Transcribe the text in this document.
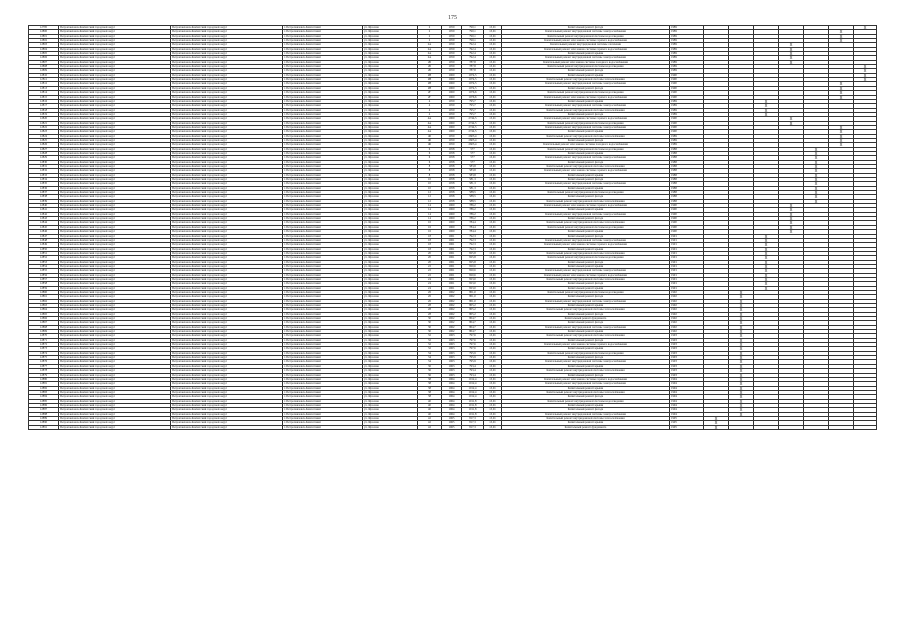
175
12785	Петропавловск-Камчатский городской округ	Петропавловск-Камчатский городской округ	г. Петропавловск-Камчатский	ул. Фролова	2	1959	790,1	13,01	Капитальный ремонт фасада	1989							X
12800	Петропавловск-Камчатский городской округ	Петропавловск-Камчатский городской округ	г. Петропавловск-Камчатский	ул. Фролова	2	1959	790,1	13,01	Капитальный ремонт внутридомовой системы электроснабжения	1989						X	
12801	Петропавловск-Камчатский городской округ	Петропавловск-Камчатский городской округ	г. Петропавловск-Камчатский	ул. Фролова	2	1959	790,1	13,01	Капитальный ремонт внутридомовой системы водоотведения	1989						X	
12802	Петропавловск-Камчатский городской округ	Петропавловск-Камчатский городской округ	г. Петропавловск-Камчатский	ул. Фролова	2	1959	790,1	13,01	Капитальный ремонт или замена системы горячего водоснабжения	1989						X	
12803	Петропавловск-Камчатский городской округ	Петропавловск-Камчатский городской округ	г. Петропавловск-Камчатский	ул. Фролова	2А	1959	792,4	13,01	Капитальный ремонт внутридомовой системы отопления	1989				X			
12804	Петропавловск-Камчатский городской округ	Петропавловск-Камчатский городской округ	г. Петропавловск-Камчатский	ул. Фролова	2А	1959	792,4	13,01	Капитальный ремонт или замена системы горячего водоснабжения	1989				X			
12805	Петропавловск-Камчатский городской округ	Петропавловск-Камчатский городской округ	г. Петропавловск-Камчатский	ул. Фролова	2А	1959	792,4	13,01	Капитальный ремонт крыши	1989				X			
12806	Петропавловск-Камчатский городской округ	Петропавловск-Камчатский городской округ	г. Петропавловск-Камчатский	ул. Фролова	2А	1959	792,4	13,01	Капитальный ремонт внутридомовой системы электроснабжения	1989				X			
12807	Петропавловск-Камчатский городской округ	Петропавловск-Камчатский городской округ	г. Петропавловск-Камчатский	ул. Фролова	2Б	1959	787,8	13,01	Капитальный ремонт или замена системы холодного водоснабжения	1989				X			
12808	Петропавловск-Камчатский городской округ	Петропавловск-Камчатский городской округ	г. Петропавловск-Камчатский	ул. Фролова	2Б	1959	787,8	13,01	Капитальный ремонт внутридомовой системы водоотведения	1989							X
12809	Петропавловск-Камчатский городской округ	Петропавловск-Камчатский городской округ	г. Петропавловск-Камчатский	ул. Фролова	2Б	1959	787,8	13,01	Капитальный ремонт фасада	1989							X
12810	Петропавловск-Камчатский городской округ	Петропавловск-Камчатский городской округ	г. Петропавловск-Камчатский	ул. Фролова	2В	1960	1074,5	13,01	Капитальный ремонт крыши	1990							X
12811	Петропавловск-Камчатский городской округ	Петропавловск-Камчатский городской округ	г. Петропавловск-Камчатский	ул. Фролова	2В	1960	1074,5	13,01	Капитальный ремонт внутридомовой системы теплоснабжения	1990							X
12812	Петропавловск-Камчатский городской округ	Петропавловск-Камчатский городской округ	г. Петропавловск-Камчатский	ул. Фролова	2В	1960	1074,5	13,01	Капитальный ремонт внутридомовой системы электроснабжения	1990						X	
12813	Петропавловск-Камчатский городской округ	Петропавловск-Камчатский городской округ	г. Петропавловск-Камчатский	ул. Фролова	2В	1960	1074,5	13,01	Капитальный ремонт фасада	1990						X	
12814	Петропавловск-Камчатский городской округ	Петропавловск-Камчатский городской округ	г. Петропавловск-Камчатский	ул. Фролова	2Г	1960	1076,6	13,01	Капитальный ремонт внутридомовой системы водоотведения	1990						X	
12815	Петропавловск-Камчатский городской округ	Петропавловск-Камчатский городской округ	г. Петропавловск-Камчатский	ул. Фролова	2Г	1960	1076,6	13,01	Капитальный ремонт или замена системы горячего водоснабжения	1990						X	
12816	Петропавловск-Камчатский городской округ	Петропавловск-Камчатский городской округ	г. Петропавловск-Камчатский	ул. Фролова	4	1959	795,7	13,01	Капитальный ремонт крыши	1989			X				
12817	Петропавловск-Камчатский городской округ	Петропавловск-Камчатский городской округ	г. Петропавловск-Камчатский	ул. Фролова	4	1959	795,7	13,01	Капитальный ремонт внутридомовой системы электроснабжения	1989			X				
12818	Петропавловск-Камчатский городской округ	Петропавловск-Камчатский городской округ	г. Петропавловск-Камчатский	ул. Фролова	4	1959	795,7	13,01	Капитальный ремонт внутридомовой системы теплоснабжения	1989			X				
12819	Петропавловск-Камчатский городской округ	Петропавловск-Камчатский городской округ	г. Петропавловск-Камчатский	ул. Фролова	4	1959	795,7	13,01	Капитальный ремонт фасада	1989			X				
12820	Петропавловск-Камчатский городской округ	Петропавловск-Камчатский городской округ	г. Петропавловск-Камчатский	ул. Фролова	4А	1960	2744,5	13,01	Капитальный ремонт или замена системы горячего водоснабжения	1990				X			
12821	Петропавловск-Камчатский городской округ	Петропавловск-Камчатский городской округ	г. Петропавловск-Камчатский	ул. Фролова	4А	1960	2744,5	13,01	Капитальный ремонт внутридомовой системы водоотведения	1990				X			
12822	Петропавловск-Камчатский городской округ	Петропавловск-Камчатский городской округ	г. Петропавловск-Камчатский	ул. Фролова	4А	1960	2744,5	13,01	Капитальный ремонт внутридомовой системы электроснабжения	1990						X	
12823	Петропавловск-Камчатский городской округ	Петропавловск-Камчатский городской округ	г. Петропавловск-Камчатский	ул. Фролова	4А	1960	2744,5	13,01	Капитальный ремонт крыши	1990						X	
12824	Петропавловск-Камчатский городской округ	Петропавловск-Камчатский городской округ	г. Петропавловск-Камчатский	ул. Фролова	4Б	1959	2603,4	13,01	Капитальный ремонт внутридомовой системы теплоснабжения	1989						X	
12825	Петропавловск-Камчатский городской округ	Петропавловск-Камчатский городской округ	г. Петропавловск-Камчатский	ул. Фролова	4Б	1959	2603,4	13,01	Капитальный ремонт фасада	1989						X	
12826	Петропавловск-Камчатский городской округ	Петропавловск-Камчатский городской округ	г. Петропавловск-Камчатский	ул. Фролова	4Б	1959	2603,4	13,01	Капитальный ремонт или замена системы холодного водоснабжения	1989						X	
12827	Петропавловск-Камчатский городской округ	Петропавловск-Камчатский городской округ	г. Петропавловск-Камчатский	ул. Фролова	6	1958	577	13,01	Капитальный ремонт внутридомовой системы водоотведения	1988					X		
12828	Петропавловск-Камчатский городской округ	Петропавловск-Камчатский городской округ	г. Петропавловск-Камчатский	ул. Фролова	6	1958	577	13,01	Капитальный ремонт крыши	1988					X		
12829	Петропавловск-Камчатский городской округ	Петропавловск-Камчатский городской округ	г. Петропавловск-Камчатский	ул. Фролова	6	1958	577	13,01	Капитальный ремонт внутридомовой системы электроснабжения	1988					X		
12830	Петропавловск-Камчатский городской округ	Петропавловск-Камчатский городской округ	г. Петропавловск-Камчатский	ул. Фролова	6	1958	577	13,01	Капитальный ремонт фасада	1988					X		
12831	Петропавловск-Камчатский городской округ	Петропавловск-Камчатский городской округ	г. Петропавловск-Камчатский	ул. Фролова	8	1958	583,8	13,01	Капитальный ремонт внутридомовой системы теплоснабжения	1988					X		
12832	Петропавловск-Камчатский городской округ	Петропавловск-Камчатский городской округ	г. Петропавловск-Камчатский	ул. Фролова	8	1958	583,8	13,01	Капитальный ремонт или замена системы горячего водоснабжения	1988					X		
12833	Петропавловск-Камчатский городской округ	Петропавловск-Камчатский городской округ	г. Петропавловск-Камчатский	ул. Фролова	8	1958	583,8	13,01	Капитальный ремонт крыши	1988					X		
12834	Петропавловск-Камчатский городской округ	Петропавловск-Камчатский городской округ	г. Петропавловск-Камчатский	ул. Фролова	10	1958	581,3	13,01	Капитальный ремонт фасада	1988					X		
12835	Петропавловск-Камчатский городской округ	Петропавловск-Камчатский городской округ	г. Петропавловск-Камчатский	ул. Фролова	10	1958	581,3	13,01	Капитальный ремонт внутридомовой системы электроснабжения	1988					X		
12836	Петропавловск-Камчатский городской округ	Петропавловск-Камчатский городской округ	г. Петропавловск-Камчатский	ул. Фролова	10	1958	581,3	13,01	Капитальный ремонт крыши	1988					X		
12837	Петропавловск-Камчатский городской округ	Петропавловск-Камчатский городской округ	г. Петропавловск-Камчатский	ул. Фролова	12	1958	588,5	13,01	Капитальный ремонт внутридомовой системы водоотведения	1988					X		
12838	Петропавловск-Камчатский городской округ	Петропавловск-Камчатский городской округ	г. Петропавловск-Камчатский	ул. Фролова	12	1958	588,5	13,01	Капитальный ремонт фасада	1988					X		
12839	Петропавловск-Камчатский городской округ	Петропавловск-Камчатский городской округ	г. Петропавловск-Камчатский	ул. Фролова	12	1958	588,5	13,01	Капитальный ремонт внутридомовой системы теплоснабжения	1988					X		
12840	Петропавловск-Камчатский городской округ	Петропавловск-Камчатский городской округ	г. Петропавловск-Камчатский	ул. Фролова	14	1960	786,2	13,01	Капитальный ремонт или замена системы горячего водоснабжения	1990				X			
12841	Петропавловск-Камчатский городской округ	Петропавловск-Камчатский городской округ	г. Петропавловск-Камчатский	ул. Фролова	14	1960	786,2	13,01	Капитальный ремонт крыши	1990				X			
12842	Петропавловск-Камчатский городской округ	Петропавловск-Камчатский городской округ	г. Петропавловск-Камчатский	ул. Фролова	14	1960	786,2	13,01	Капитальный ремонт внутридомовой системы электроснабжения	1990				X			
12843	Петропавловск-Камчатский городской округ	Петропавловск-Камчатский городской округ	г. Петропавловск-Камчатский	ул. Фролова	14	1960	786,2	13,01	Капитальный ремонт фасада	1990				X			
12844	Петропавловск-Камчатский городской округ	Петропавловск-Камчатский городской округ	г. Петропавловск-Камчатский	ул. Фролова	16	1960	784,4	13,01	Капитальный ремонт внутридомовой системы теплоснабжения	1990				X			
12845	Петропавловск-Камчатский городской округ	Петропавловск-Камчатский городской округ	г. Петропавловск-Камчатский	ул. Фролова	16	1960	784,4	13,01	Капитальный ремонт внутридомовой системы водоотведения	1990				X			
12846	Петропавловск-Камчатский городской округ	Петропавловск-Камчатский городской округ	г. Петропавловск-Камчатский	ул. Фролова	16	1960	784,4	13,01	Капитальный ремонт крыши	1990				X			
12847	Петропавловск-Камчатский городской округ	Петропавловск-Камчатский городской округ	г. Петропавловск-Камчатский	ул. Фролова	18	1961	792,3	13,01	Капитальный ремонт фасада	1991			X				
12848	Петропавловск-Камчатский городской округ	Петропавловск-Камчатский городской округ	г. Петропавловск-Камчатский	ул. Фролова	18	1961	792,3	13,01	Капитальный ремонт внутридомовой системы электроснабжения	1991			X				
12849	Петропавловск-Камчатский городской округ	Петропавловск-Камчатский городской округ	г. Петропавловск-Камчатский	ул. Фролова	18	1961	792,3	13,01	Капитальный ремонт или замена системы горячего водоснабжения	1991			X				
12850	Петропавловск-Камчатский городской округ	Петропавловск-Камчатский городской округ	г. Петропавловск-Камчатский	ул. Фролова	18	1961	792,3	13,01	Капитальный ремонт крыши	1991			X				
12851	Петропавловск-Камчатский городской округ	Петропавловск-Камчатский городской округ	г. Петропавловск-Камчатский	ул. Фролова	20	1961	825,8	13,01	Капитальный ремонт внутридомовой системы теплоснабжения	1991			X				
12852	Петропавловск-Камчатский городской округ	Петропавловск-Камчатский городской округ	г. Петропавловск-Камчатский	ул. Фролова	20	1961	825,8	13,01	Капитальный ремонт внутридомовой системы водоотведения	1991			X				
12853	Петропавловск-Камчатский городской округ	Петропавловск-Камчатский городской округ	г. Петропавловск-Камчатский	ул. Фролова	20	1961	825,8	13,01	Капитальный ремонт фасада	1991			X				
12854	Петропавловск-Камчатский городской округ	Петропавловск-Камчатский городской округ	г. Петропавловск-Камчатский	ул. Фролова	22	1961	820,6	13,01	Капитальный ремонт крыши	1991			X				
12855	Петропавловск-Камчатский городской округ	Петропавловск-Камчатский городской округ	г. Петропавловск-Камчатский	ул. Фролова	22	1961	820,6	13,01	Капитальный ремонт внутридомовой системы электроснабжения	1991			X				
12856	Петропавловск-Камчатский городской округ	Петропавловск-Камчатский городской округ	г. Петропавловск-Камчатский	ул. Фролова	22	1961	820,6	13,01	Капитальный ремонт или замена системы горячего водоснабжения	1991			X				
12857	Петропавловск-Камчатский городской округ	Петропавловск-Камчатский городской округ	г. Петропавловск-Камчатский	ул. Фролова	24	1961	823,0	13,01	Капитальный ремонт внутридомовой системы теплоснабжения	1991			X				
12858	Петропавловск-Камчатский городской округ	Петропавловск-Камчатский городской округ	г. Петропавловск-Камчатский	ул. Фролова	24	1961	823,0	13,01	Капитальный ремонт фасада	1991			X				
12859	Петропавловск-Камчатский городской округ	Петропавловск-Камчатский городской округ	г. Петропавловск-Камчатский	ул. Фролова	24	1961	823,0	13,01	Капитальный ремонт крыши	1991			X				
12860	Петропавловск-Камчатский городской округ	Петропавловск-Камчатский городской округ	г. Петропавловск-Камчатский	ул. Фролова	26	1962	801,0	13,01	Капитальный ремонт внутридомовой системы водоотведения	1992		X					
12861	Петропавловск-Камчатский городской округ	Петропавловск-Камчатский городской округ	г. Петропавловск-Камчатский	ул. Фролова	26	1962	801,0	13,01	Капитальный ремонт фасада	1992		X					
12862	Петропавловск-Камчатский городской округ	Петропавловск-Камчатский городской округ	г. Петропавловск-Камчатский	ул. Фролова	26	1962	801,0	13,01	Капитальный ремонт внутридомовой системы электроснабжения	1992		X					
12863	Петропавловск-Камчатский городской округ	Петропавловск-Камчатский городской округ	г. Петропавловск-Камчатский	ул. Фролова	28	1962	805,2	13,01	Капитальный ремонт крыши	1992		X					
12864	Петропавловск-Камчатский городской округ	Петропавловск-Камчатский городской округ	г. Петропавловск-Камчатский	ул. Фролова	28	1962	805,2	13,01	Капитальный ремонт внутридомовой системы теплоснабжения	1992		X					
12865	Петропавловск-Камчатский городской округ	Петропавловск-Камчатский городской округ	г. Петропавловск-Камчатский	ул. Фролова	28	1962	805,2	13,01	Капитальный ремонт фасада	1992		X					
12866	Петропавловск-Камчатский городской округ	Петропавловск-Камчатский городской округ	г. Петропавловск-Камчатский	ул. Фролова	30	1962	804,7	13,01	Капитальный ремонт фундамента	1992		X					
12867	Петропавловск-Камчатский городской округ	Петропавловск-Камчатский городской округ	г. Петропавловск-Камчатский	ул. Фролова	30	1962	804,7	13,01	Капитальный ремонт фасада	1992		X					
12868	Петропавловск-Камчатский городской округ	Петропавловск-Камчатский городской округ	г. Петропавловск-Камчатский	ул. Фролова	30	1962	804,7	13,01	Капитальный ремонт внутридомовой системы электроснабжения	1992		X					
12869	Петропавловск-Камчатский городской округ	Петропавловск-Камчатский городской округ	г. Петропавловск-Камчатский	ул. Фролова	30	1962	804,7	13,01	Капитальный ремонт крыши	1992		X					
12870	Петропавловск-Камчатский городской округ	Петропавловск-Камчатский городской округ	г. Петропавловск-Камчатский	ул. Фролова	32	1963	797,6	13,01	Капитальный ремонт внутридомовой системы теплоснабжения	1993		X					
12871	Петропавловск-Камчатский городской округ	Петропавловск-Камчатский городской округ	г. Петропавловск-Камчатский	ул. Фролова	32	1963	797,6	13,01	Капитальный ремонт фасада	1993		X					
12872	Петропавловск-Камчатский городской округ	Петропавловск-Камчатский городской округ	г. Петропавловск-Камчатский	ул. Фролова	32	1963	797,6	13,01	Капитальный ремонт или замена системы горячего водоснабжения	1993		X					
12873	Петропавловск-Камчатский городской округ	Петропавловск-Камчатский городской округ	г. Петропавловск-Камчатский	ул. Фролова	32	1963	797,6	13,01	Капитальный ремонт крыши	1993		X					
12874	Петропавловск-Камчатский городской округ	Петропавловск-Камчатский городской округ	г. Петропавловск-Камчатский	ул. Фролова	34	1963	795,9	13,01	Капитальный ремонт внутридомовой системы водоотведения	1993		X					
12875	Петропавловск-Камчатский городской округ	Петропавловск-Камчатский городской округ	г. Петропавловск-Камчатский	ул. Фролова	34	1963	795,9	13,01	Капитальный ремонт фасада	1993		X					
12876	Петропавловск-Камчатский городской округ	Петропавловск-Камчатский городской округ	г. Петропавловск-Камчатский	ул. Фролова	34	1963	795,9	13,01	Капитальный ремонт внутридомовой системы электроснабжения	1993		X					
12877	Петропавловск-Камчатский городской округ	Петропавловск-Камчатский городской округ	г. Петропавловск-Камчатский	ул. Фролова	36	1963	793,4	13,01	Капитальный ремонт крыши	1993		X					
12878	Петропавловск-Камчатский городской округ	Петропавловск-Камчатский городской округ	г. Петропавловск-Камчатский	ул. Фролова	36	1963	793,4	13,01	Капитальный ремонт внутридомовой системы теплоснабжения	1993		X					
12879	Петропавловск-Камчатский городской округ	Петропавловск-Камчатский городской округ	г. Петропавловск-Камчатский	ул. Фролова	36	1963	793,4	13,01	Капитальный ремонт фасада	1993		X					
12880	Петропавловск-Камчатский городской округ	Петропавловск-Камчатский городской округ	г. Петропавловск-Камчатский	ул. Фролова	38	1964	1012,4	13,01	Капитальный ремонт или замена системы горячего водоснабжения	1994		X					
12881	Петропавловск-Камчатский городской округ	Петропавловск-Камчатский городской округ	г. Петропавловск-Камчатский	ул. Фролова	38	1964	1012,4	13,01	Капитальный ремонт внутридомовой системы электроснабжения	1994		X					
12882	Петропавловск-Камчатский городской округ	Петропавловск-Камчатский городской округ	г. Петропавловск-Камчатский	ул. Фролова	38	1964	1012,4	13,01	Капитальный ремонт крыши	1994		X					
12883	Петропавловск-Камчатский городской округ	Петропавловск-Камчатский городской округ	г. Петропавловск-Камчатский	ул. Фролова	38	1964	1012,4	13,01	Капитальный ремонт внутридомовой системы теплоснабжения	1994		X					
12884	Петропавловск-Камчатский городской округ	Петропавловск-Камчатский городской округ	г. Петропавловск-Камчатский	ул. Фролова	38	1964	1012,4	13,01	Капитальный ремонт фасада	1994		X					
12885	Петропавловск-Камчатский городской округ	Петропавловск-Камчатский городской округ	г. Петропавловск-Камчатский	ул. Фролова	40	1964	1011,8	13,01	Капитальный ремонт внутридомовой системы водоотведения	1994		X					
12886	Петропавловск-Камчатский городской округ	Петропавловск-Камчатский городской округ	г. Петропавловск-Камчатский	ул. Фролова	40	1964	1011,8	13,01	Капитальный ремонт крыши	1994		X					
12887	Петропавловск-Камчатский городской округ	Петропавловск-Камчатский городской округ	г. Петропавловск-Камчатский	ул. Фролова	40	1964	1011,8	13,01	Капитальный ремонт фасада	1994		X					
12888	Петропавловск-Камчатский городской округ	Петропавловск-Камчатский городской округ	г. Петропавловск-Камчатский	ул. Фролова	40	1964	1011,8	13,01	Капитальный ремонт внутридомовой системы электроснабжения	1994		X					
12889	Петропавловск-Камчатский городской округ	Петропавловск-Камчатский городской округ	г. Петропавловск-Камчатский	ул. Фролова	42	1965	817,3	13,01	Капитальный ремонт внутридомовой системы теплоснабжения	1995	X						
12890	Петропавловск-Камчатский городской округ	Петропавловск-Камчатский городской округ	г. Петропавловск-Камчатский	ул. Фролова	42	1965	817,3	13,01	Капитальный ремонт крыши	1995	X						
12891	Петропавловск-Камчатский городской округ	Петропавловск-Камчатский городской округ	г. Петропавловск-Камчатский	ул. Фролова	42	1965	817,3	13,01	Капитальный ремонт фундамента	1995	X						
